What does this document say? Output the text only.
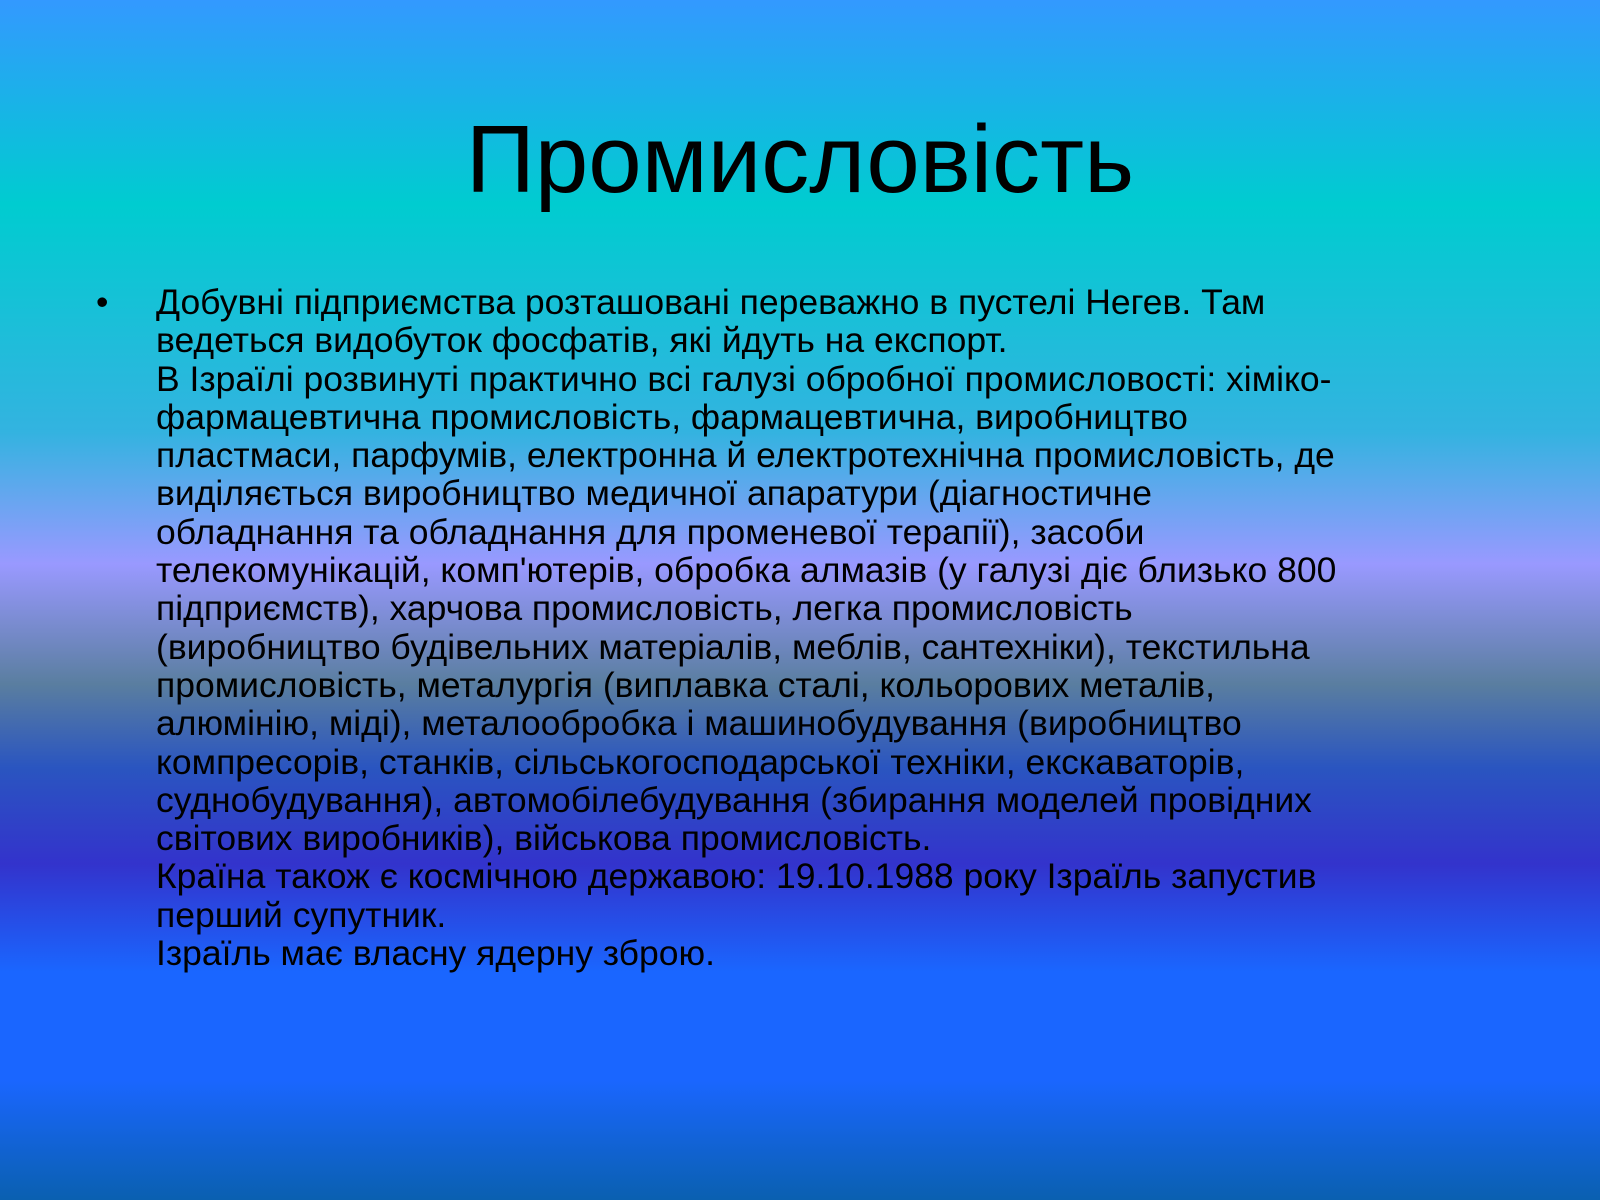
Промисловість
•	Добувні підприємства розташовані переважно в пустелі Негев. Там
ведеться видобуток фосфатів, які йдуть на експорт.
В Ізраїлі розвинуті практично всі галузі обробної промисловості: хіміко-
фармацевтична промисловість, фармацевтична, виробництво
пластмаси, парфумів, електронна й електротехнічна промисловість, де
виділяється виробництво медичної апаратури (діагностичне
обладнання та обладнання для променевої терапії), засоби
телекомунікацій, комп'ютерів, обробка алмазів (у галузі діє близько 800
підприємств), харчова промисловість, легка промисловість
(виробництво будівельних матеріалів, меблів, сантехніки), текстильна
промисловість, металургія (виплавка сталі, кольорових металів,
алюмінію, міді), металообробка і машинобудування (виробництво
компресорів, станків, сільськогосподарської техніки, екскаваторів,
суднобудування), автомобілебудування (збирання моделей провідних
світових виробників), військова промисловість.
Країна також є космічною державою: 19.10.1988 року Ізраїль запустив
перший супутник.
Ізраїль має власну ядерну зброю.
